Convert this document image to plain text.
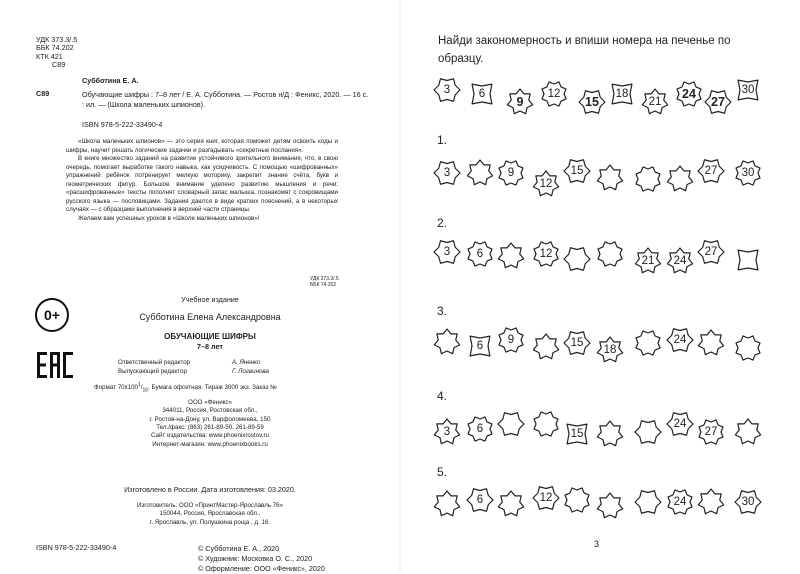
УДК 373.3/.5
ББК 74.202
КТК 421
С89
С89
Субботина Е. А.
Обучающие шифры : 7–8 лет / Е. А. Субботина. — Ростов н/Д : Феникс, 2020. — 16 с. : ил. — (Школа маленьких шпионов).
ISBN 978-5-222-33490-4
«Школа маленьких шпионов» — это серия книг, которая поможет детям освоить коды и шифры, научит решать логические задачки и разгадывать «секретные послания».
В книге множество заданий на развитие устойчивого зрительного внимания, что, в свою очередь, помогает выработке такого навыка, как усидчивость. С помощью «шифрованных» упражнений ребёнок потренирует мелкую моторику, закрепит знание счёта, букв и геометрических фигур. Большое внимание уделено развитию мышления и речи: «расшифрованные» тексты пополнят словарный запас малыша, познакомят с сокровищами русского языка — пословицами. Задания даются в виде кратких пояснений, а в некоторых случаях — с образцами выполнения в верхней части страницы.
Желаем вам успешных уроков в «Школе маленьких шпионов»!
УДК 373.3/.5
ББК 74.202
0+
Учебное издание
Субботина Елена Александровна
ОБУЧАЮЩИЕ ШИФРЫ
7–8 лет
Ответственный редактор	А. Яненко
Выпускающий редактор	Г. Логвинова
Формат $70x100^1/_{16}$. Бумага офсетная. Тираж 3000 экз. Заказ №
ООО «Феникс»
344011, Россия, Ростовская обл.,
г. Ростов-на-Дону, ул. Варфоломеева, 150
Тел./факс: (863) 261-89-50, 261-89-59
Сайт издательства: www.phoenixrostov.ru
Интернет-магазин: www.phoenixbooks.ru
Изготовлено в России. Дата изготовления: 03.2020.
Изготовитель: ООО «ПринтМастер-Ярославль 76»
150044, Россия, Ярославская обл.,
г. Ярославль, ул. Полушкина роща , д. 16.
ISBN 978-5-222-33490-4	© Субботина Е. А., 2020
© Художник: Московка О. С., 2020
© Оформление: ООО «Феникс», 2020
Найди закономерность и впиши номера на печенье по образцу.
3	6
9
12
15
18
21
24
27
30
1.
3	9
12
15	27	30
2.
3	6	12
21	24
27
3.
6	9	15
18
24
4.
3	6	15
24
27
5.
6	12	24	30
3
